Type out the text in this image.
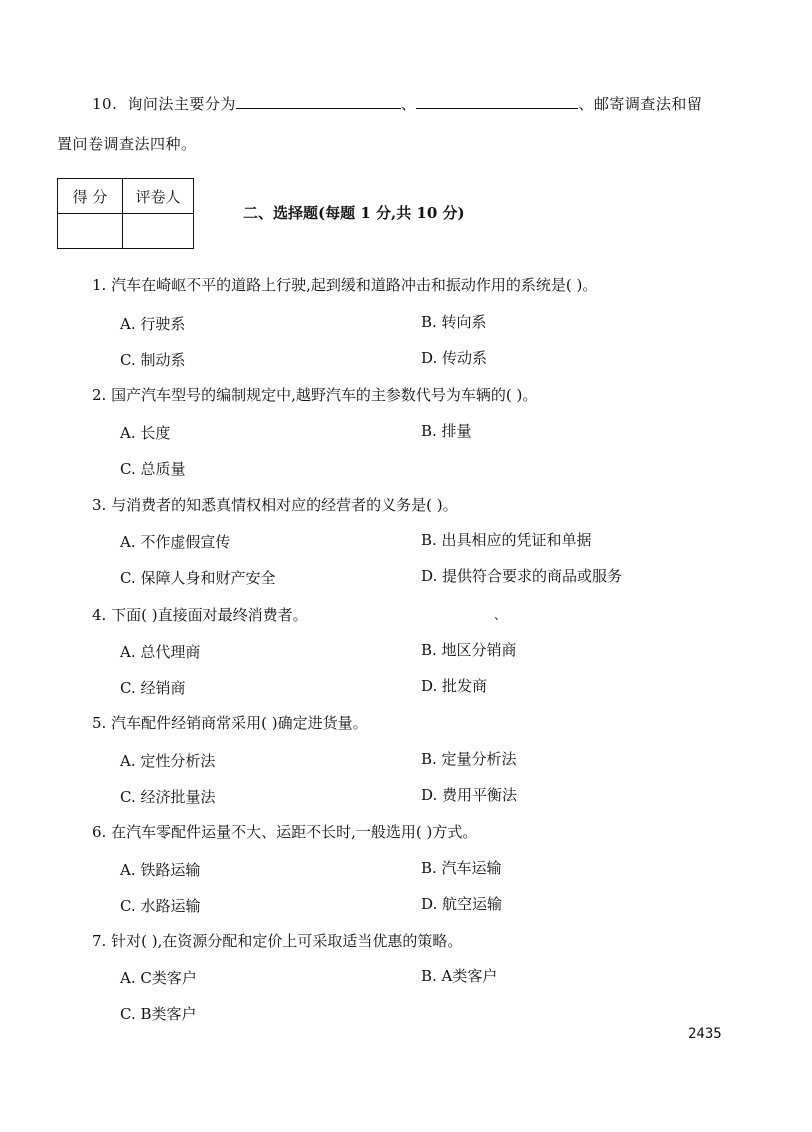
10. 询问法主要分为	、	、邮寄调查法和留
置问卷调查法四种。
得 分	评卷人

二、选择题(每题 1 分,共 10 分)
1. 汽车在崎岖不平的道路上行驶,起到缓和道路冲击和振动作用的系统是( )。
A. 行驶系	B. 转向系
C. 制动系	D. 传动系
2. 国产汽车型号的编制规定中,越野汽车的主参数代号为车辆的( )。
A. 长度	B. 排量
C. 总质量
3. 与消费者的知悉真情权相对应的经营者的义务是( )。
A. 不作虚假宣传	B. 出具相应的凭证和单据
C. 保障人身和财产安全	D. 提供符合要求的商品或服务
4. 下面( )直接面对最终消费者。	、
A. 总代理商	B. 地区分销商
C. 经销商	D. 批发商
5. 汽车配件经销商常采用( )确定进货量。
A. 定性分析法	B. 定量分析法
C. 经济批量法	D. 费用平衡法
6. 在汽车零配件运量不大、运距不长时,一般选用( )方式。
A. 铁路运输	B. 汽车运输
C. 水路运输	D. 航空运输
7. 针对( ),在资源分配和定价上可采取适当优惠的策略。
A. C类客户	B. A类客户
C. B类客户
2435
